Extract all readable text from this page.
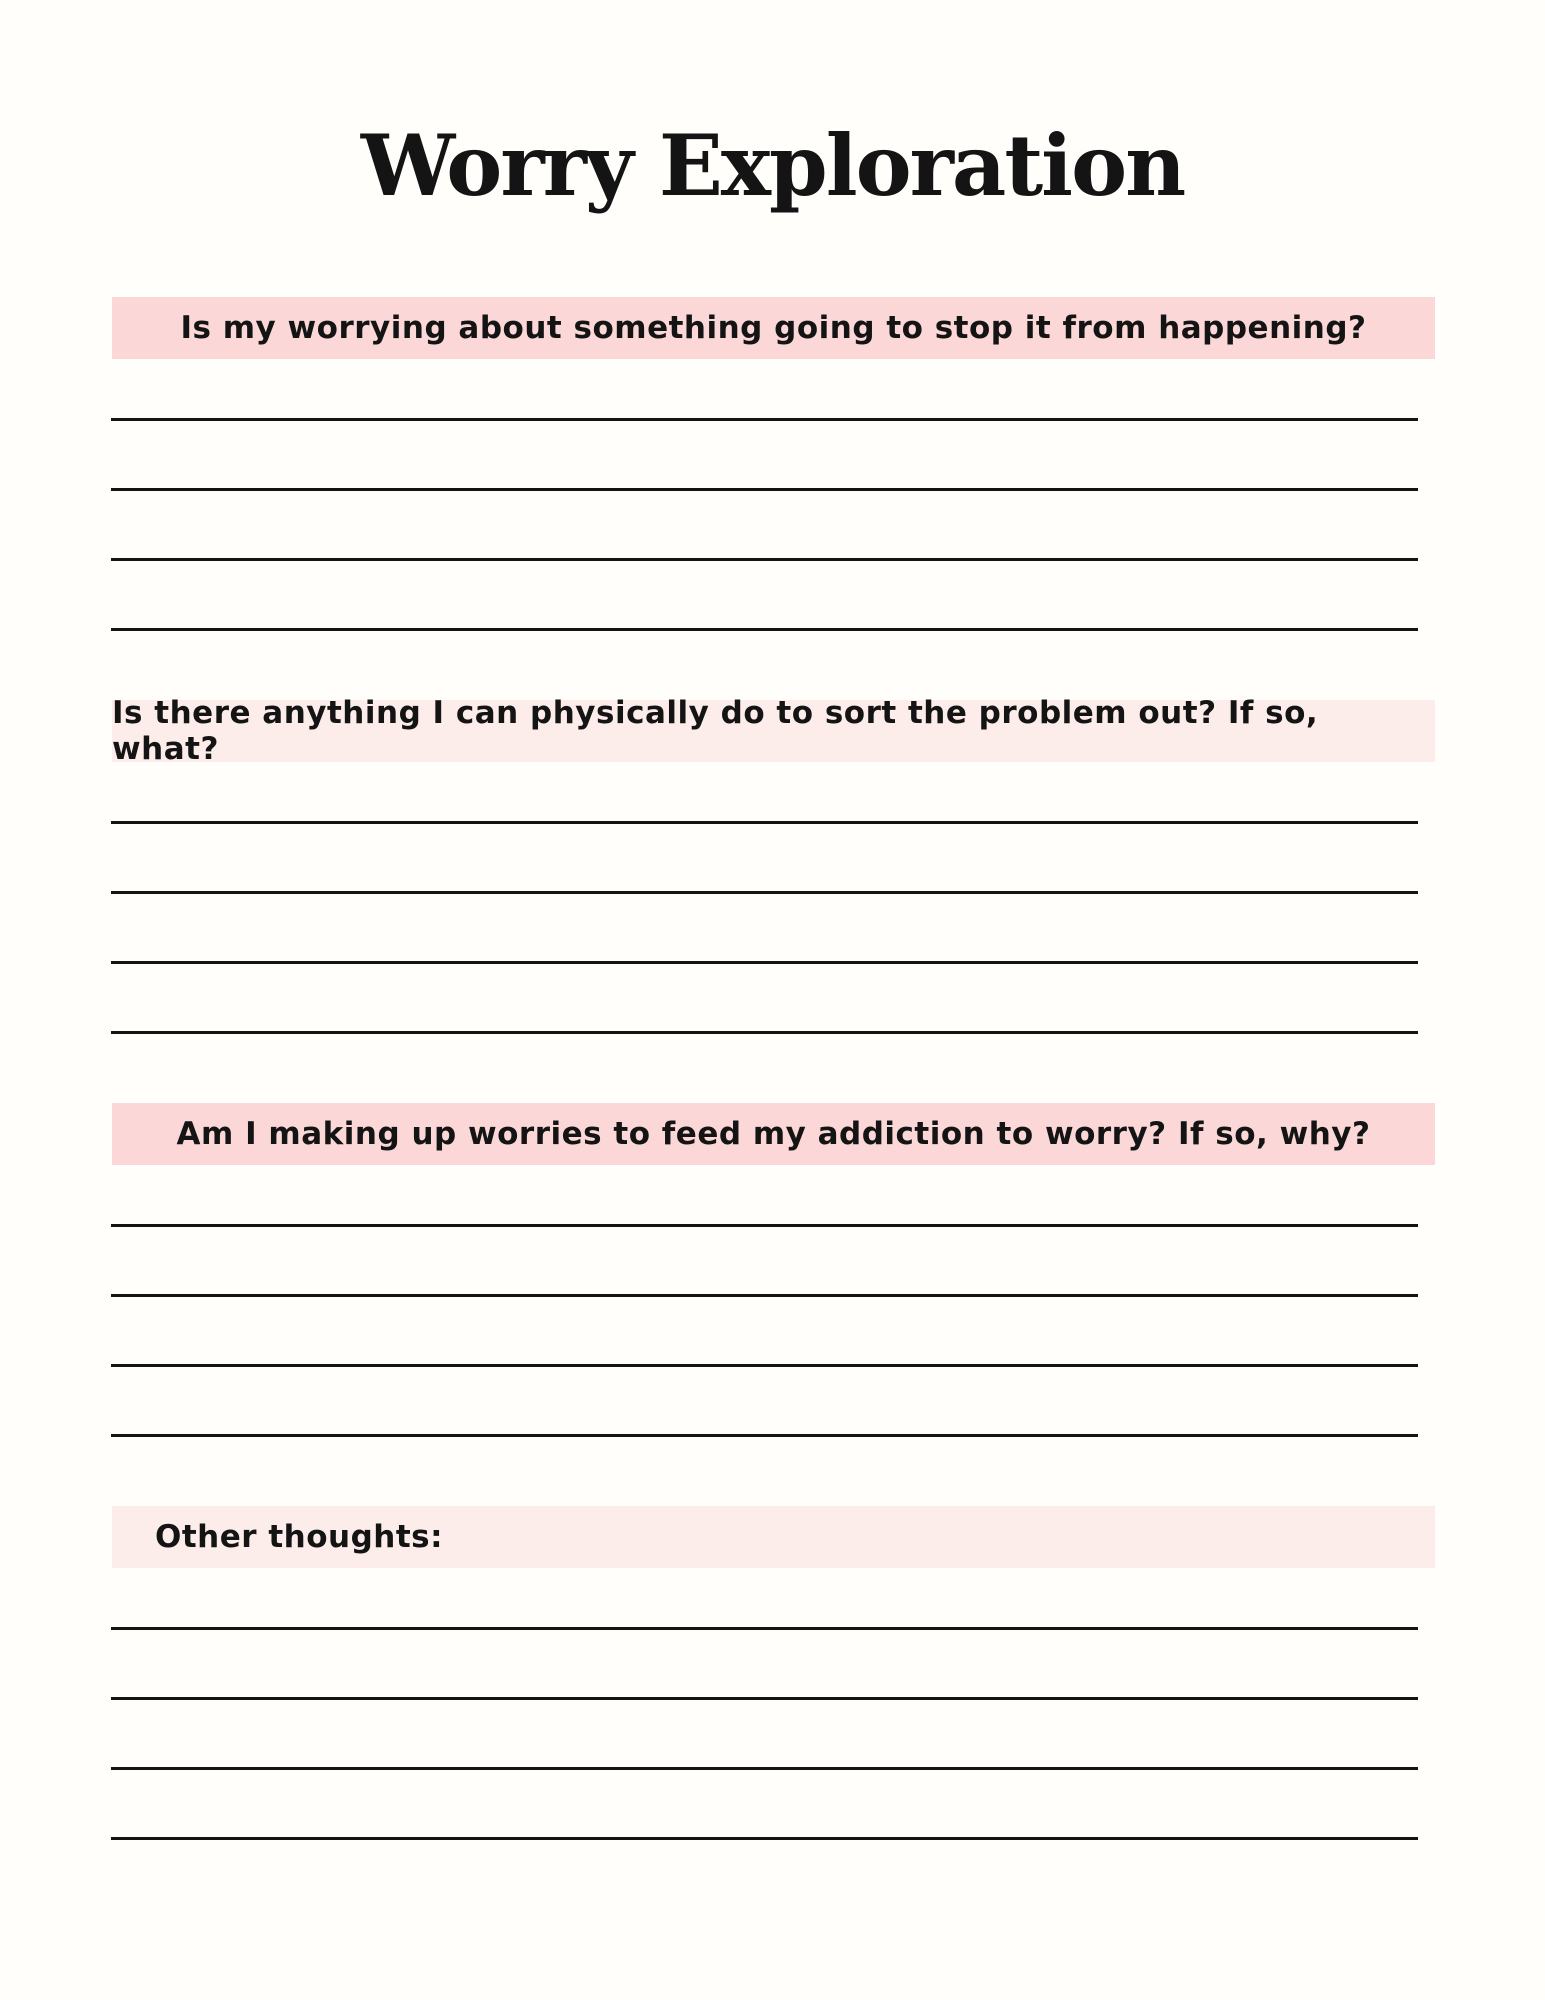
Worry Exploration
Is my worrying about something going to stop it from happening?
Is there anything I can physically do to sort the problem out? If so, what?
Am I making up worries to feed my addiction to worry? If so, why?
Other thoughts:
